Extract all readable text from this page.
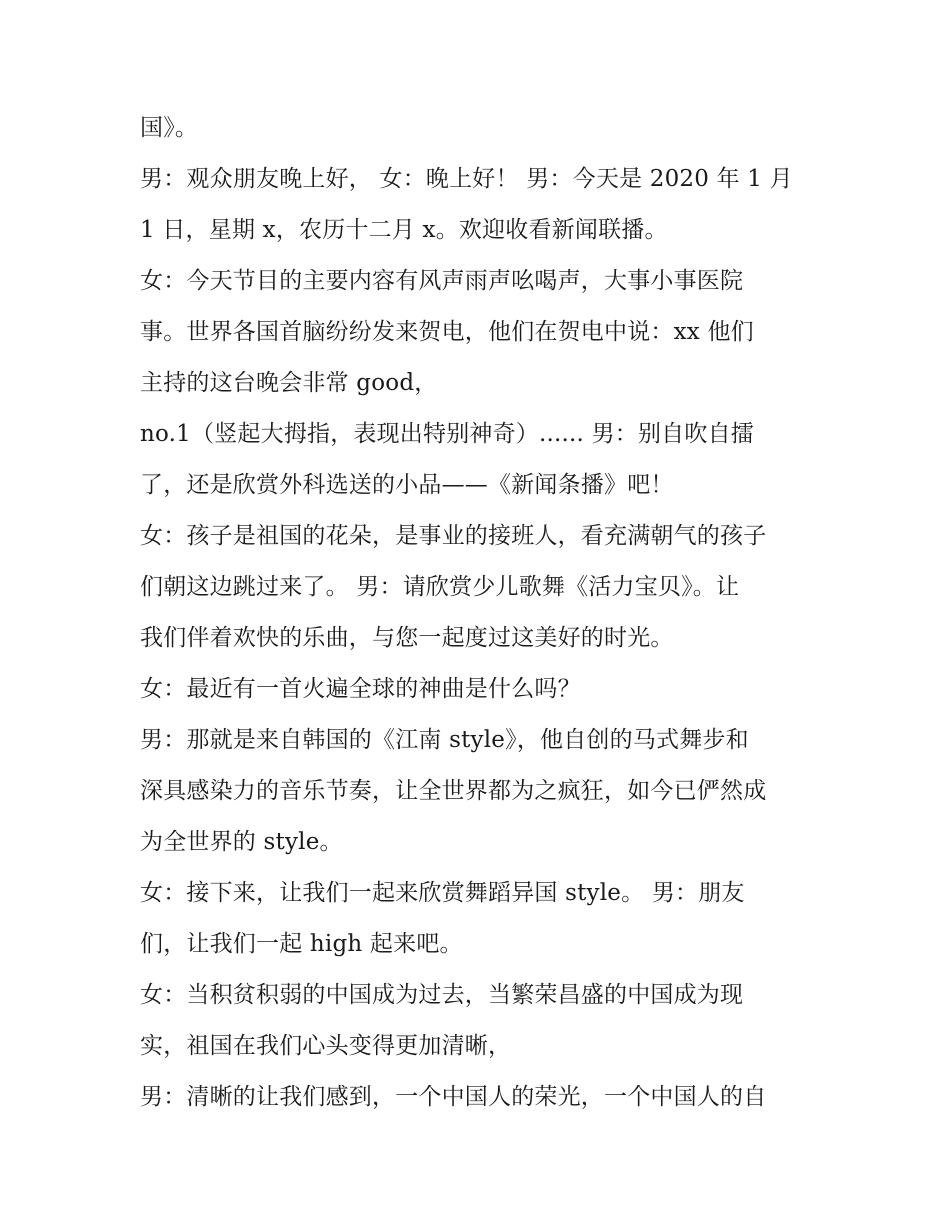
国》。
男：观众朋友晚上好， 女：晚上好！ 男：今天是 2020 年 1 月
1 日，星期 x，农历十二月 x。欢迎收看新闻联播。
女：今天节目的主要内容有风声雨声吆喝声，大事小事医院
事。世界各国首脑纷纷发来贺电，他们在贺电中说：xx 他们
主持的这台晚会非常 good，
no.1（竖起大拇指，表现出特别神奇）...... 男：别自吹自擂
了，还是欣赏外科选送的小品——《新闻条播》吧！
女：孩子是祖国的花朵，是事业的接班人，看充满朝气的孩子
们朝这边跳过来了。 男：请欣赏少儿歌舞《活力宝贝》。让
我们伴着欢快的乐曲，与您一起度过这美好的时光。
女：最近有一首火遍全球的神曲是什么吗？
男：那就是来自韩国的《江南 style》，他自创的马式舞步和
深具感染力的音乐节奏，让全世界都为之疯狂，如今已俨然成
为全世界的 style。
女：接下来，让我们一起来欣赏舞蹈异国 style。 男：朋友
们，让我们一起 high 起来吧。
女：当积贫积弱的中国成为过去，当繁荣昌盛的中国成为现
实，祖国在我们心头变得更加清晰，
男：清晰的让我们感到，一个中国人的荣光，一个中国人的自
